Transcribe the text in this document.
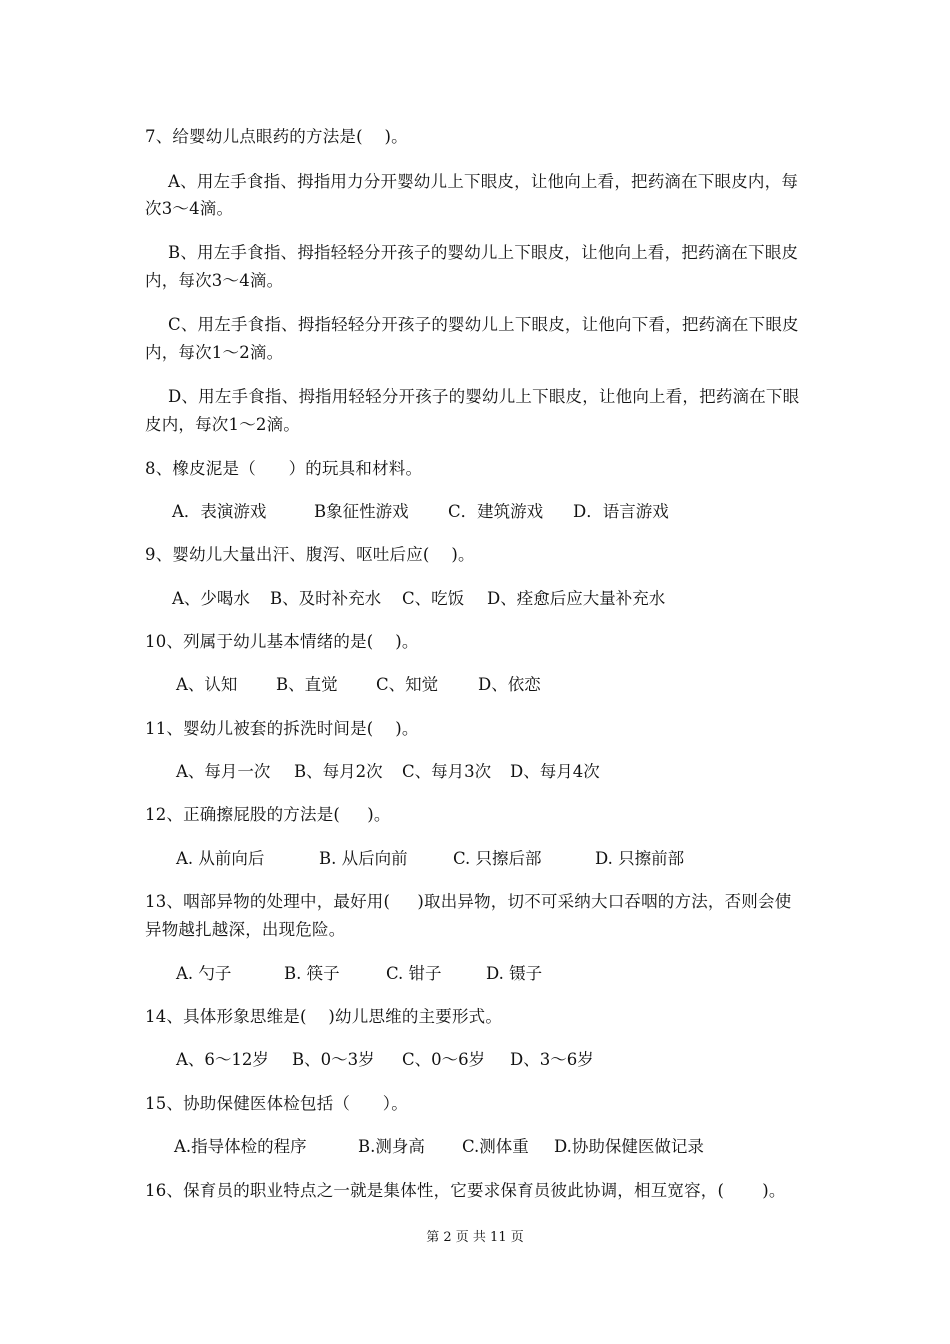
7、给婴幼儿点眼药的方法是(    )。
A、用左手食指、拇指用力分开婴幼儿上下眼皮，让他向上看，把药滴在下眼皮内，每
次3～4滴。
B、用左手食指、拇指轻轻分开孩子的婴幼儿上下眼皮，让他向上看，把药滴在下眼皮
内，每次3～4滴。
C、用左手食指、拇指轻轻分开孩子的婴幼儿上下眼皮，让他向下看，把药滴在下眼皮
内，每次1～2滴。
D、用左手食指、拇指用轻轻分开孩子的婴幼儿上下眼皮，让他向上看，把药滴在下眼
皮内，每次1～2滴。
8、橡皮泥是（      ）的玩具和材料。
A．表演游戏	B象征性游戏 C．建筑游戏 D．语言游戏
9、婴幼儿大量出汗、腹泻、呕吐后应(    )。
A、少喝水 B、及时补充水 C、吃饭 D、痊愈后应大量补充水
10、列属于幼儿基本情绪的是(    )。
A、认知 B、直觉 C、知觉 D、依恋
11、婴幼儿被套的拆洗时间是(    )。
A、每月一次 B、每月2次 C、每月3次 D、每月4次
12、正确擦屁股的方法是(     )。
A. 从前向后	B. 从后向前	C. 只擦后部	D. 只擦前部
13、咽部异物的处理中，最好用(     )取出异物，切不可采纳大口吞咽的方法，否则会使
异物越扎越深，出现危险。
A. 勺子	B. 筷子	C. 钳子	D. 镊子
14、具体形象思维是(    )幼儿思维的主要形式。
A、6～12岁 B、0～3岁 C、0～6岁 D、3～6岁
15、协助保健医体检包括（      ）。
A.指导体检的程序	B.测身高 C.测体重 D.协助保健医做记录
16、保育员的职业特点之一就是集体性，它要求保育员彼此协调，相互宽容，(       )。
第 2 页 共 11 页
